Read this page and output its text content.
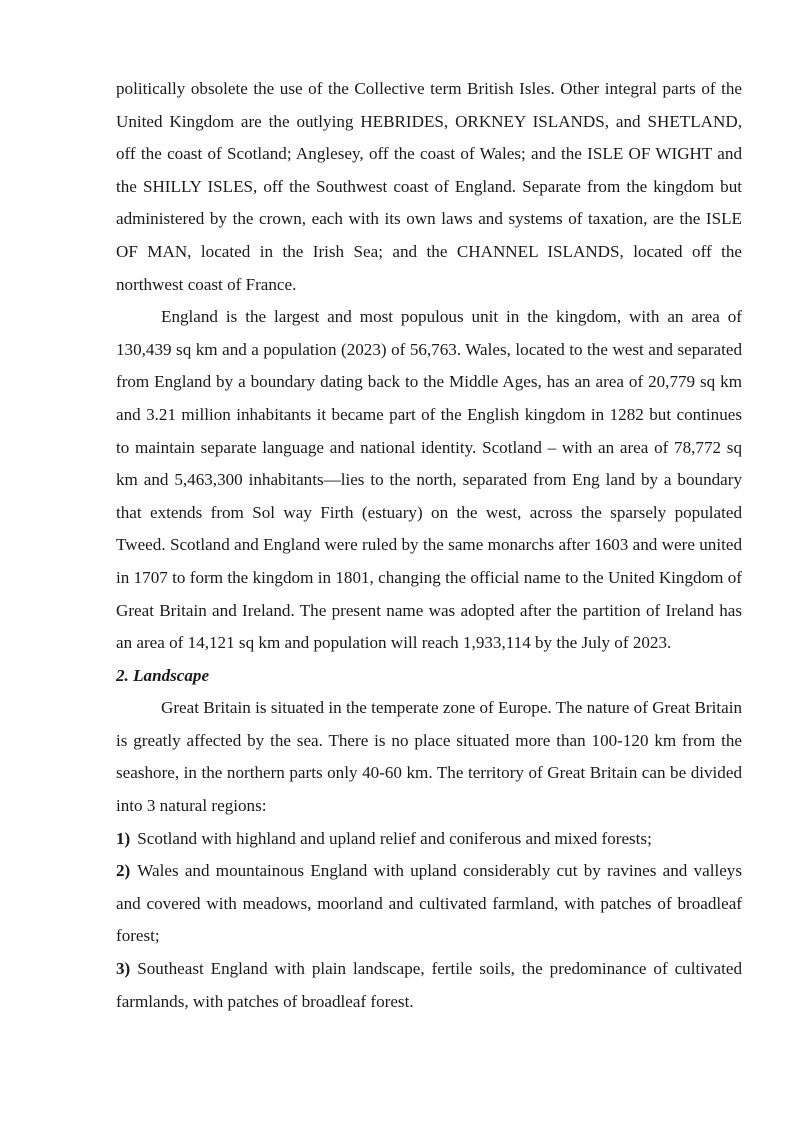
politically obsolete the use of the Collective term British Isles. Other integral parts of the United Kingdom are the outlying HEBRIDES, ORKNEY ISLANDS, and SHETLAND, off the coast of Scotland; Anglesey, off the coast of Wales; and the ISLE OF WIGHT and the SHILLY ISLES, off the Southwest coast of England. Separate from the kingdom but administered by the crown, each with its own laws and systems of taxation, are the ISLE OF MAN, located in the Irish Sea; and the CHANNEL ISLANDS, located off the northwest coast of France.

England is the largest and most populous unit in the kingdom, with an area of 130,439 sq km and a population (2023) of 56,763. Wales, located to the west and separated from England by a boundary dating back to the Middle Ages, has an area of 20,779 sq km and 3.21 million inhabitants it became part of the English kingdom in 1282 but continues to maintain separate language and national identity. Scotland – with an area of 78,772 sq km and 5,463,300 inhabitants—lies to the north, separated from Eng land by a boundary that extends from Sol way Firth (estuary) on the west, across the sparsely populated Tweed. Scotland and England were ruled by the same monarchs after 1603 and were united in 1707 to form the kingdom in 1801, changing the official name to the United Kingdom of Great Britain and Ireland. The present name was adopted after the partition of Ireland has an area of 14,121 sq km and population will reach 1,933,114 by the July of 2023.

2. Landscape

Great Britain is situated in the temperate zone of Europe. The nature of Great Britain is greatly affected by the sea. There is no place situated more than 100-120 km from the seashore, in the northern parts only 40-60 km. The territory of Great Britain can be divided into 3 natural regions:

1) Scotland with highland and upland relief and coniferous and mixed forests;

2) Wales and mountainous England with upland considerably cut by ravines and valleys and covered with meadows, moorland and cultivated farmland, with patches of broadleaf forest;

3) Southeast England with plain landscape, fertile soils, the predominance of cultivated farmlands, with patches of broadleaf forest.
